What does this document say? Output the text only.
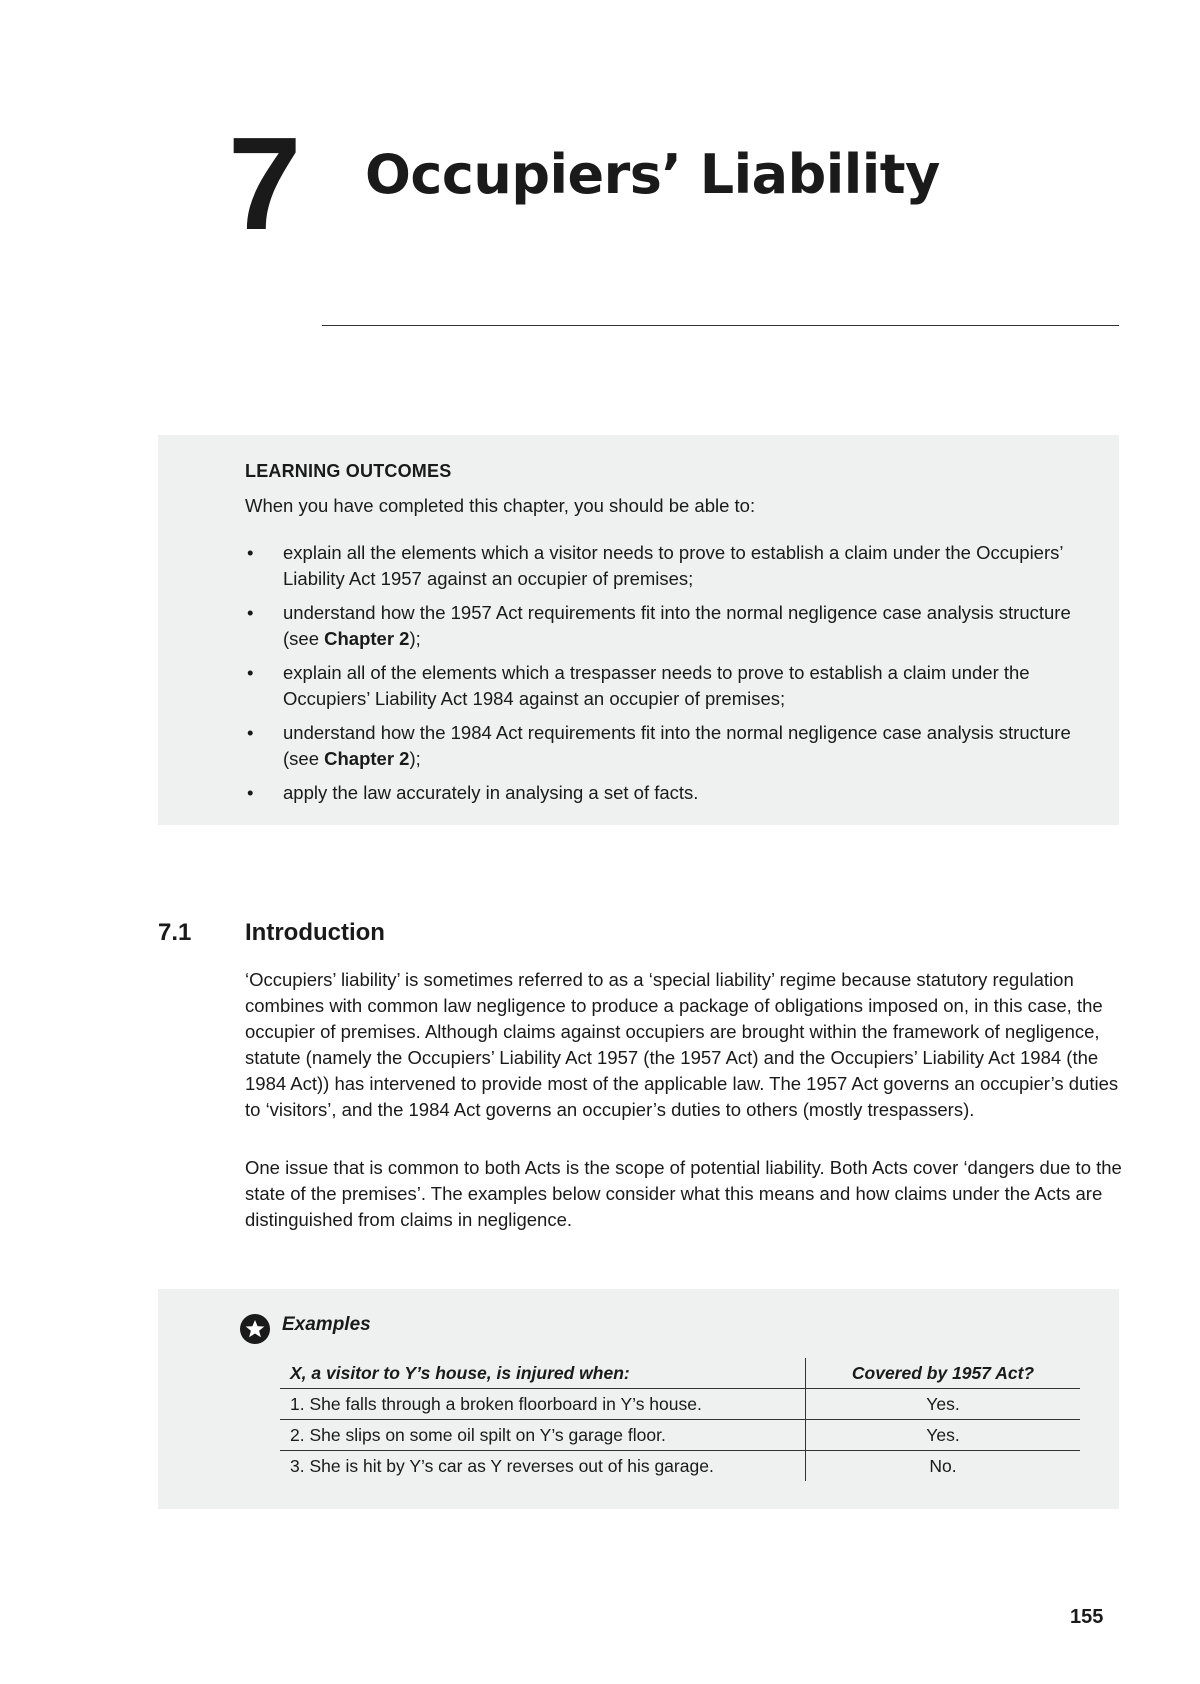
7 Occupiers’ Liability
LEARNING OUTCOMES
When you have completed this chapter, you should be able to:
• explain all the elements which a visitor needs to prove to establish a claim under the Occupiers’ Liability Act 1957 against an occupier of premises;
• understand how the 1957 Act requirements fit into the normal negligence case analysis structure (see Chapter 2);
• explain all of the elements which a trespasser needs to prove to establish a claim under the Occupiers’ Liability Act 1984 against an occupier of premises;
• understand how the 1984 Act requirements fit into the normal negligence case analysis structure (see Chapter 2);
• apply the law accurately in analysing a set of facts.
7.1 Introduction

‘Occupiers’ liability’ is sometimes referred to as a ‘special liability’ regime because statutory regulation combines with common law negligence to produce a package of obligations imposed on, in this case, the occupier of premises. Although claims against occupiers are brought within the framework of negligence, statute (namely the Occupiers’ Liability Act 1957 (the 1957 Act) and the Occupiers’ Liability Act 1984 (the 1984 Act)) has intervened to provide most of the applicable law. The 1957 Act governs an occupier’s duties to ‘visitors’, and the 1984 Act governs an occupier’s duties to others (mostly trespassers).

One issue that is common to both Acts is the scope of potential liability. Both Acts cover ‘dangers due to the state of the premises’. The examples below consider what this means and how claims under the Acts are distinguished from claims in negligence.

Examples
X, a visitor to Y’s house, is injured when:	Covered by 1957 Act?
1. She falls through a broken floorboard in Y’s house.	Yes.
2. She slips on some oil spilt on Y’s garage floor.	Yes.
3. She is hit by Y’s car as Y reverses out of his garage.	No.
155
